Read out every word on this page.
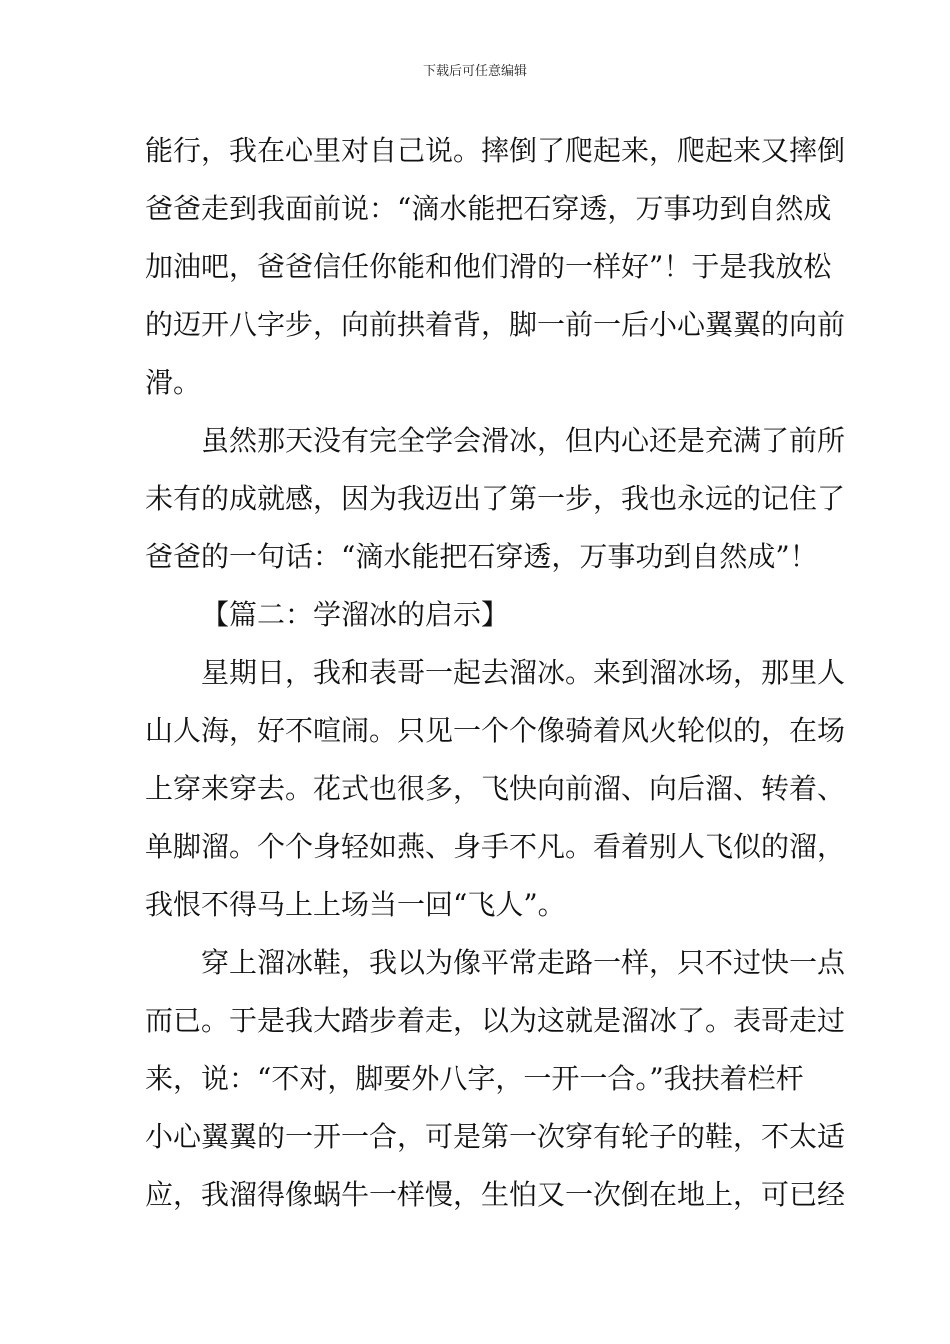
下载后可任意编辑
能行，我在心里对自己说。摔倒了爬起来，爬起来又摔倒
爸爸走到我面前说：“滴水能把石穿透，万事功到自然成
加油吧，爸爸信任你能和他们滑的一样好”！于是我放松
的迈开八字步，向前拱着背，脚一前一后小心翼翼的向前
滑。
虽然那天没有完全学会滑冰，但内心还是充满了前所
未有的成就感，因为我迈出了第一步，我也永远的记住了
爸爸的一句话：“滴水能把石穿透，万事功到自然成”！
【篇二：学溜冰的启示】
星期日，我和表哥一起去溜冰。来到溜冰场，那里人
山人海，好不喧闹。只见一个个像骑着风火轮似的，在场
上穿来穿去。花式也很多，飞快向前溜、向后溜、转着、
单脚溜。个个身轻如燕、身手不凡。看着别人飞似的溜，
我恨不得马上上场当一回“飞人”。
穿上溜冰鞋，我以为像平常走路一样，只不过快一点
而已。于是我大踏步着走，以为这就是溜冰了。表哥走过
来，说：“不对，脚要外八字，一开一合。”我扶着栏杆
小心翼翼的一开一合，可是第一次穿有轮子的鞋，不太适
应，我溜得像蜗牛一样慢，生怕又一次倒在地上，可已经
